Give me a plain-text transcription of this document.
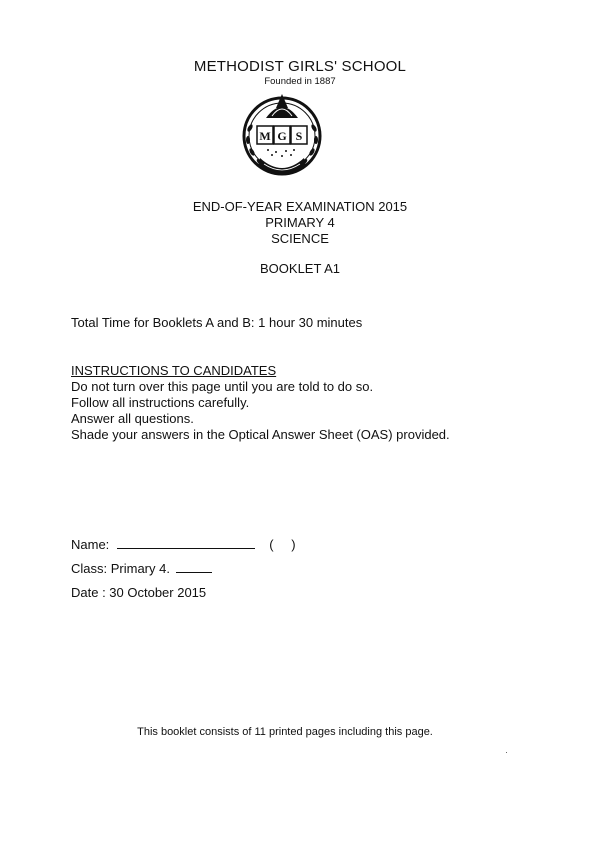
METHODIST GIRLS' SCHOOL
Founded in 1887
M G S
END-OF-YEAR EXAMINATION 2015
PRIMARY 4
SCIENCE
BOOKLET A1
Total Time for Booklets A and B: 1 hour 30 minutes
INSTRUCTIONS TO CANDIDATES
Do not turn over this page until you are told to do so.
Follow all instructions carefully.
Answer all questions.
Shade your answers in the Optical Answer Sheet (OAS) provided.
Name:	( )
Class: Primary 4.
Date : 30 October 2015
This booklet consists of 11 printed pages including this page.
